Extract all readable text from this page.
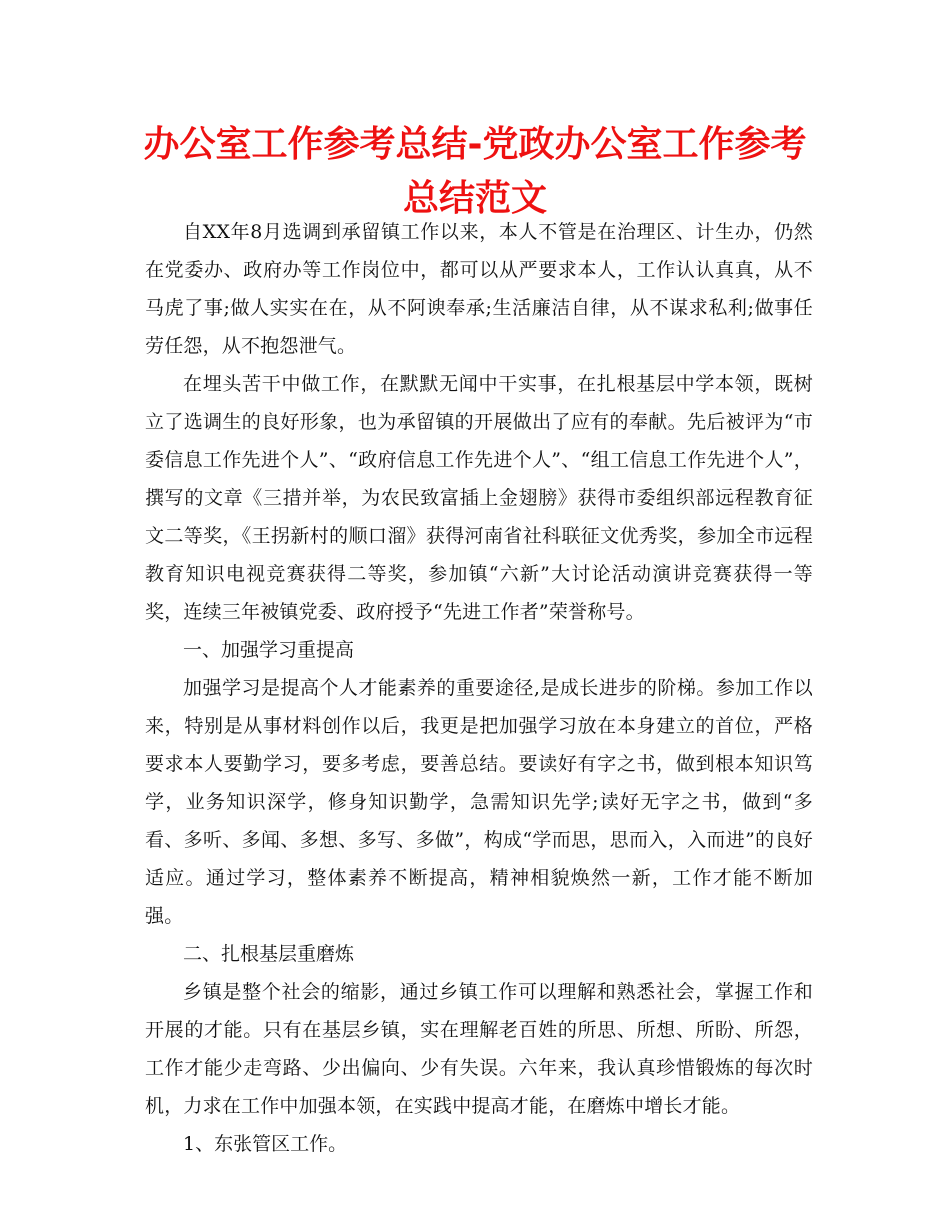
办公室工作参考总结-党政办公室工作参考总结范文

自XX年8月选调到承留镇工作以来，本人不管是在治理区、计生办，仍然在党委办、政府办等工作岗位中，都可以从严要求本人，工作认认真真，从不马虎了事;做人实实在在，从不阿谀奉承;生活廉洁自律，从不谋求私利;做事任劳任怨，从不抱怨泄气。

在埋头苦干中做工作，在默默无闻中干实事，在扎根基层中学本领，既树立了选调生的良好形象，也为承留镇的开展做出了应有的奉献。先后被评为“市委信息工作先进个人”、“政府信息工作先进个人”、“组工信息工作先进个人”，撰写的文章《三措并举，为农民致富插上金翅膀》获得市委组织部远程教育征文二等奖，《王拐新村的顺口溜》获得河南省社科联征文优秀奖，参加全市远程教育知识电视竞赛获得二等奖，参加镇“六新”大讨论活动演讲竞赛获得一等奖，连续三年被镇党委、政府授予“先进工作者”荣誉称号。

一、加强学习重提高

加强学习是提高个人才能素养的重要途径,是成长进步的阶梯。参加工作以来，特别是从事材料创作以后，我更是把加强学习放在本身建立的首位，严格要求本人要勤学习，要多考虑，要善总结。要读好有字之书，做到根本知识笃学，业务知识深学，修身知识勤学，急需知识先学;读好无字之书，做到“多看、多听、多闻、多想、多写、多做”，构成“学而思，思而入，入而进”的良好适应。通过学习，整体素养不断提高，精神相貌焕然一新，工作才能不断加强。

二、扎根基层重磨炼

乡镇是整个社会的缩影，通过乡镇工作可以理解和熟悉社会，掌握工作和开展的才能。只有在基层乡镇，实在理解老百姓的所思、所想、所盼、所怨，工作才能少走弯路、少出偏向、少有失误。六年来，我认真珍惜锻炼的每次时机，力求在工作中加强本领，在实践中提高才能，在磨炼中增长才能。

1、东张管区工作。
